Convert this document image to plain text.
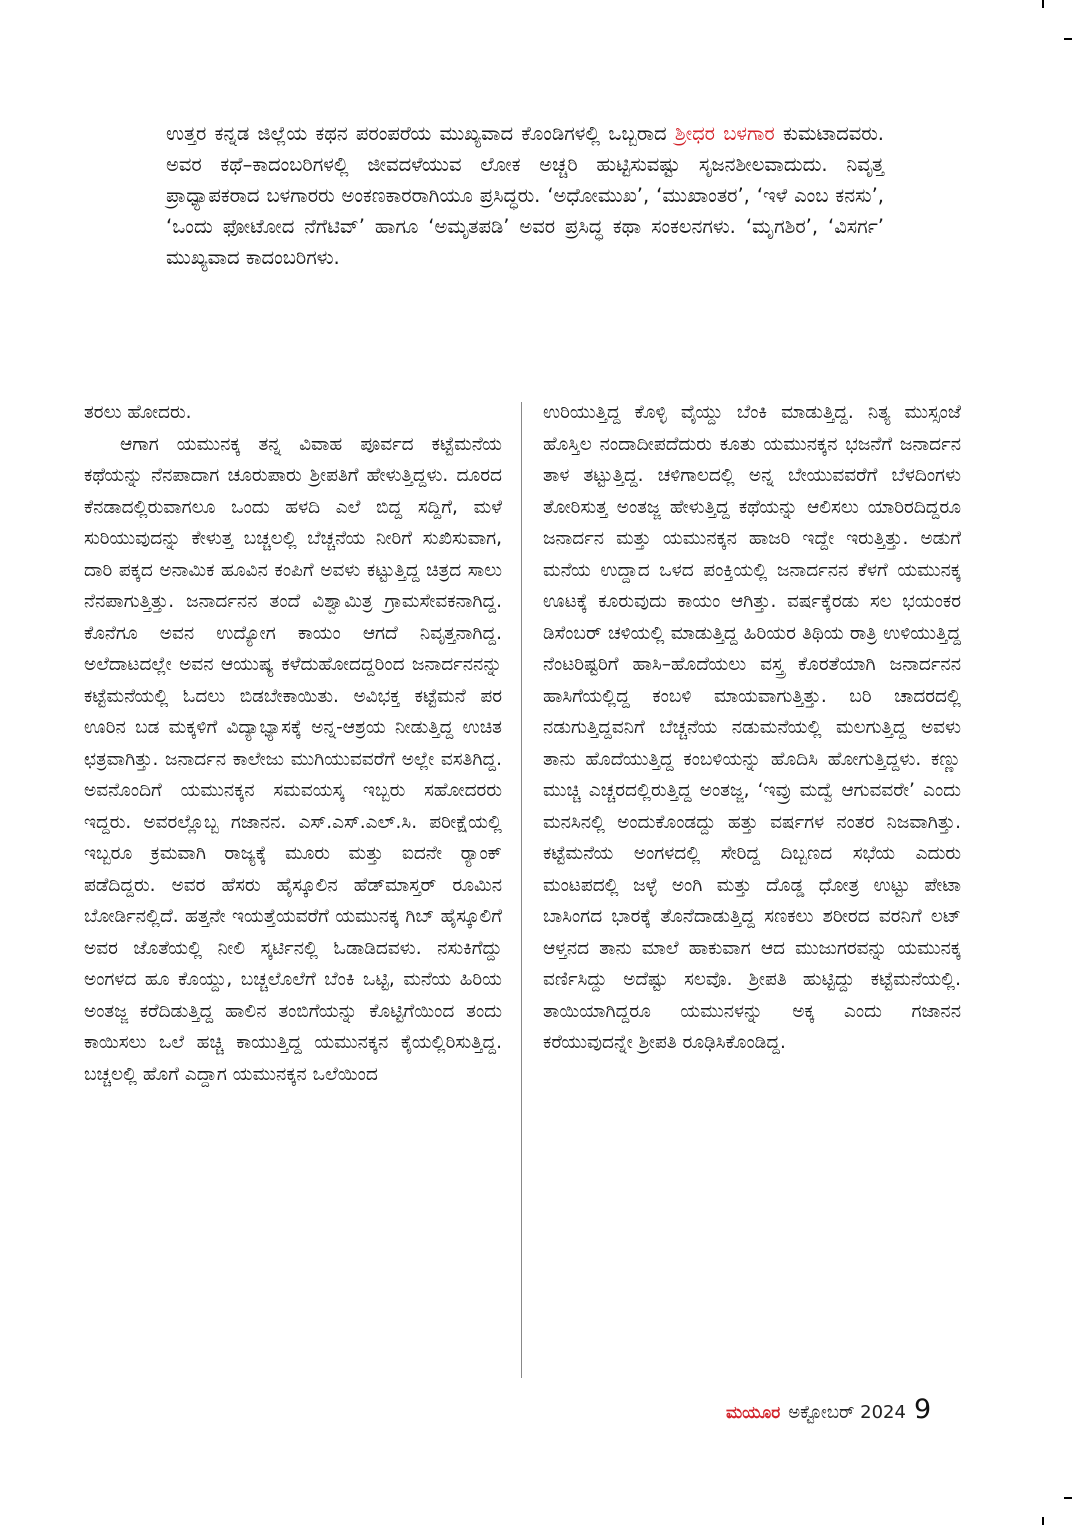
ಉತ್ತರ ಕನ್ನಡ ಜಿಲ್ಲೆಯ ಕಥನ ಪರಂಪರೆಯ ಮುಖ್ಯವಾದ ಕೊಂಡಿಗಳಲ್ಲಿ ಒಬ್ಬರಾದ ಶ್ರೀಧರ ಬಳಗಾರ ಕುಮಟಾದವರು. ಅವರ ಕಥೆ–ಕಾದಂಬರಿಗಳಲ್ಲಿ ಜೀವದಳೆಯುವ ಲೋಕ ಅಚ್ಚರಿ ಹುಟ್ಟಿಸುವಷ್ಟು ಸೃಜನಶೀಲವಾದುದು. ನಿವೃತ್ತ ಪ್ರಾಧ್ಯಾಪಕರಾದ ಬಳಗಾರರು ಅಂಕಣಕಾರರಾಗಿಯೂ ಪ್ರಸಿದ್ಧರು. ‘ಅಧೋಮುಖ’, ‘ಮುಖಾಂತರ’, ‘ಇಳೆ ಎಂಬ ಕನಸು’, ‘ಒಂದು ಫೋಟೋದ ನೆಗೆಟಿವ್’ ಹಾಗೂ ‘ಅಮೃತಪಡಿ’ ಅವರ ಪ್ರಸಿದ್ಧ ಕಥಾ ಸಂಕಲನಗಳು. ‘ಮೃಗಶಿರ’, ‘ವಿಸರ್ಗ’ ಮುಖ್ಯವಾದ ಕಾದಂಬರಿಗಳು.

ತರಲು ಹೋದರು.

ಆಗಾಗ ಯಮುನಕ್ಕ ತನ್ನ ವಿವಾಹ ಪೂರ್ವದ ಕಟ್ಟೆಮನೆಯ ಕಥೆಯನ್ನು ನೆನಪಾದಾಗ ಚೂರುಪಾರು ಶ್ರೀಪತಿಗೆ ಹೇಳುತ್ತಿದ್ದಳು. ದೂರದ ಕೆನಡಾದಲ್ಲಿರುವಾಗಲೂ ಒಂದು ಹಳದಿ ಎಲೆ ಬಿದ್ದ ಸದ್ದಿಗೆ, ಮಳೆ ಸುರಿಯುವುದನ್ನು ಕೇಳುತ್ತ ಬಚ್ಚಲಲ್ಲಿ ಬೆಚ್ಚನೆಯ ನೀರಿಗೆ ಸುಖಿಸುವಾಗ, ದಾರಿ ಪಕ್ಕದ ಅನಾಮಿಕ ಹೂವಿನ ಕಂಪಿಗೆ ಅವಳು ಕಟ್ಟುತ್ತಿದ್ದ ಚಿತ್ರದ ಸಾಲು ನೆನಪಾಗುತ್ತಿತ್ತು. ಜನಾರ್ದನನ ತಂದೆ ವಿಶ್ವಾಮಿತ್ರ ಗ್ರಾಮಸೇವಕನಾಗಿದ್ದ. ಕೊನೆಗೂ ಅವನ ಉದ್ಯೋಗ ಕಾಯಂ ಆಗದೆ ನಿವೃತ್ತನಾಗಿದ್ದ. ಅಲೆದಾಟದಲ್ಲೇ ಅವನ ಆಯುಷ್ಯ ಕಳೆದುಹೋದದ್ದರಿಂದ ಜನಾರ್ದನನನ್ನು ಕಟ್ಟೆಮನೆಯಲ್ಲಿ ಓದಲು ಬಿಡಬೇಕಾಯಿತು. ಅವಿಭಕ್ತ ಕಟ್ಟೆಮನೆ ಪರ ಊರಿನ ಬಡ ಮಕ್ಕಳಿಗೆ ವಿದ್ಯಾಭ್ಯಾಸಕ್ಕೆ ಅನ್ನ-ಆಶ್ರಯ ನೀಡುತ್ತಿದ್ದ ಉಚಿತ ಛತ್ರವಾಗಿತ್ತು. ಜನಾರ್ದನ ಕಾಲೇಜು ಮುಗಿಯುವವರೆಗೆ ಅಲ್ಲೇ ವಸತಿಗಿದ್ದ. ಅವನೊಂದಿಗೆ ಯಮುನಕ್ಕನ ಸಮವಯಸ್ಕ ಇಬ್ಬರು ಸಹೋದರರು ಇದ್ದರು. ಅವರಲ್ಲೊಬ್ಬ ಗಜಾನನ. ಎಸ್.ಎಸ್.ಎಲ್.ಸಿ. ಪರೀಕ್ಷೆಯಲ್ಲಿ ಇಬ್ಬರೂ ಕ್ರಮವಾಗಿ ರಾಜ್ಯಕ್ಕೆ ಮೂರು ಮತ್ತು ಐದನೇ ರ್‍ಯಾಂಕ್ ಪಡೆದಿದ್ದರು. ಅವರ ಹೆಸರು ಹೈಸ್ಕೂಲಿನ ಹೆಡ್‌ಮಾಸ್ತರ್ ರೂಮಿನ ಬೋರ್ಡಿನಲ್ಲಿದೆ. ಹತ್ತನೇ ಇಯತ್ತೆಯವರೆಗೆ ಯಮುನಕ್ಕ ಗಿಬ್ ಹೈಸ್ಕೂಲಿಗೆ ಅವರ ಜೊತೆಯಲ್ಲಿ ನೀಲಿ ಸ್ಕರ್ಟಿನಲ್ಲಿ ಓಡಾಡಿದವಳು. ನಸುಕಿಗೆದ್ದು ಅಂಗಳದ ಹೂ ಕೊಯ್ದು, ಬಚ್ಚಲೊಲೆಗೆ ಬೆಂಕಿ ಒಟ್ಟಿ, ಮನೆಯ ಹಿರಿಯ ಅಂತಜ್ಜ ಕರೆದಿಡುತ್ತಿದ್ದ ಹಾಲಿನ ತಂಬಿಗೆಯನ್ನು ಕೊಟ್ಟಿಗೆಯಿಂದ ತಂದು ಕಾಯಿಸಲು ಒಲೆ ಹಚ್ಚಿ ಕಾಯುತ್ತಿದ್ದ ಯಮುನಕ್ಕನ ಕೈಯಲ್ಲಿರಿಸುತ್ತಿದ್ದ. ಬಚ್ಚಲಲ್ಲಿ ಹೊಗೆ ಎದ್ದಾಗ ಯಮುನಕ್ಕನ ಒಲೆಯಿಂದ

ಉರಿಯುತ್ತಿದ್ದ ಕೊಳ್ಳಿ ವೈಯ್ದು ಬೆಂಕಿ ಮಾಡುತ್ತಿದ್ದ. ನಿತ್ಯ ಮುಸ್ಸಂಜೆ ಹೊಸ್ತಿಲ ನಂದಾದೀಪದೆದುರು ಕೂತು ಯಮುನಕ್ಕನ ಭಜನೆಗೆ ಜನಾರ್ದನ ತಾಳ ತಟ್ಟುತ್ತಿದ್ದ. ಚಳಿಗಾಲದಲ್ಲಿ ಅನ್ನ ಬೇಯುವವರೆಗೆ ಬೆಳದಿಂಗಳು ತೋರಿಸುತ್ತ ಅಂತಜ್ಜ ಹೇಳುತ್ತಿದ್ದ ಕಥೆಯನ್ನು ಆಲಿಸಲು ಯಾರಿರದಿದ್ದರೂ ಜನಾರ್ದನ ಮತ್ತು ಯಮುನಕ್ಕನ ಹಾಜರಿ ಇದ್ದೇ ಇರುತ್ತಿತ್ತು. ಅಡುಗೆ ಮನೆಯ ಉದ್ದಾದ ಒಳದ ಪಂಕ್ತಿಯಲ್ಲಿ ಜನಾರ್ದನನ ಕೆಳಗೆ ಯಮುನಕ್ಕ ಊಟಕ್ಕೆ ಕೂರುವುದು ಕಾಯಂ ಆಗಿತ್ತು. ವರ್ಷಕ್ಕೆರಡು ಸಲ ಭಯಂಕರ ಡಿಸೆಂಬರ್ ಚಳಿಯಲ್ಲಿ ಮಾಡುತ್ತಿದ್ದ ಹಿರಿಯರ ತಿಥಿಯ ರಾತ್ರಿ ಉಳಿಯುತ್ತಿದ್ದ ನೆಂಟರಿಷ್ಟರಿಗೆ ಹಾಸಿ–ಹೊದೆಯಲು ವಸ್ತ್ರ ಕೊರತೆಯಾಗಿ ಜನಾರ್ದನನ ಹಾಸಿಗೆಯಲ್ಲಿದ್ದ ಕಂಬಳಿ ಮಾಯವಾಗುತ್ತಿತ್ತು. ಬರಿ ಚಾದರದಲ್ಲಿ ನಡುಗುತ್ತಿದ್ದವನಿಗೆ ಬೆಚ್ಚನೆಯ ನಡುಮನೆಯಲ್ಲಿ ಮಲಗುತ್ತಿದ್ದ ಅವಳು ತಾನು ಹೊದೆಯುತ್ತಿದ್ದ ಕಂಬಳಿಯನ್ನು ಹೊದಿಸಿ ಹೋಗುತ್ತಿದ್ದಳು. ಕಣ್ಣು ಮುಚ್ಚಿ ಎಚ್ಚರದಲ್ಲಿರುತ್ತಿದ್ದ ಅಂತಜ್ಜ, ‘ಇವ್ರು ಮದ್ವೆ ಆಗುವವರೇ’ ಎಂದು ಮನಸಿನಲ್ಲಿ ಅಂದುಕೊಂಡದ್ದು ಹತ್ತು ವರ್ಷಗಳ ನಂತರ ನಿಜವಾಗಿತ್ತು. ಕಟ್ಟೆಮನೆಯ ಅಂಗಳದಲ್ಲಿ ಸೇರಿದ್ದ ದಿಬ್ಬಣದ ಸಭೆಯ ಎದುರು ಮಂಟಪದಲ್ಲಿ ಜಳ್ಳೆ ಅಂಗಿ ಮತ್ತು ದೊಡ್ಡ ಧೋತ್ರ ಉಟ್ಟು ಪೇಟಾ ಬಾಸಿಂಗದ ಭಾರಕ್ಕೆ ತೊನೆದಾಡುತ್ತಿದ್ದ ಸಣಕಲು ಶರೀರದ ವರನಿಗೆ ಲಟ್ ಆಳ್ತನದ ತಾನು ಮಾಲೆ ಹಾಕುವಾಗ ಆದ ಮುಜುಗರವನ್ನು ಯಮುನಕ್ಕ ವರ್ಣಿಸಿದ್ದು ಅದೆಷ್ಟು ಸಲವೊ. ಶ್ರೀಪತಿ ಹುಟ್ಟಿದ್ದು ಕಟ್ಟೆಮನೆಯಲ್ಲಿ. ತಾಯಿಯಾಗಿದ್ದರೂ ಯಮುನಳನ್ನು ಅಕ್ಕ ಎಂದು ಗಜಾನನ ಕರೆಯುವುದನ್ನೇ ಶ್ರೀಪತಿ ರೂಢಿಸಿಕೊಂಡಿದ್ದ.

ಮಯೂರ ಅಕ್ಟೋಬರ್ 2024 9
